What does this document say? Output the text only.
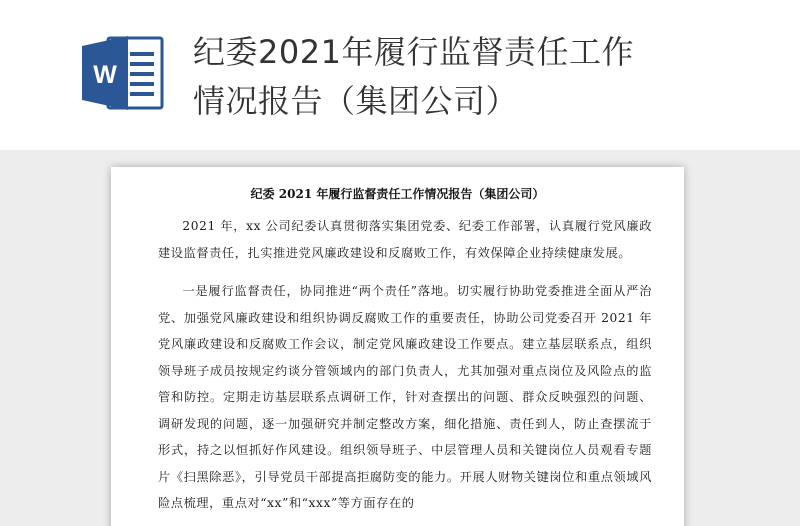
W
纪委2021年履行监督责任工作情况报告（集团公司）

纪委 2021 年履行监督责任工作情况报告（集团公司）

2021 年，xx 公司纪委认真贯彻落实集团党委、纪委工作部署，认真履行党风廉政建设监督责任，扎实推进党风廉政建设和反腐败工作，有效保障企业持续健康发展。

一是履行监督责任，协同推进“两个责任”落地。切实履行协助党委推进全面从严治党、加强党风廉政建设和组织协调反腐败工作的重要责任，协助公司党委召开 2021 年党风廉政建设和反腐败工作会议，制定党风廉政建设工作要点。建立基层联系点，组织领导班子成员按规定约谈分管领域内的部门负责人，尤其加强对重点岗位及风险点的监管和防控。定期走访基层联系点调研工作，针对查摆出的问题、群众反映强烈的问题、调研发现的问题，逐一加强研究并制定整改方案，细化措施、责任到人，防止查摆流于形式，持之以恒抓好作风建设。组织领导班子、中层管理人员和关键岗位人员观看专题片《扫黑除恶》，引导党员干部提高拒腐防变的能力。开展人财物关键岗位和重点领域风险点梳理，重点对“xx”和“xxx”等方面存在的
